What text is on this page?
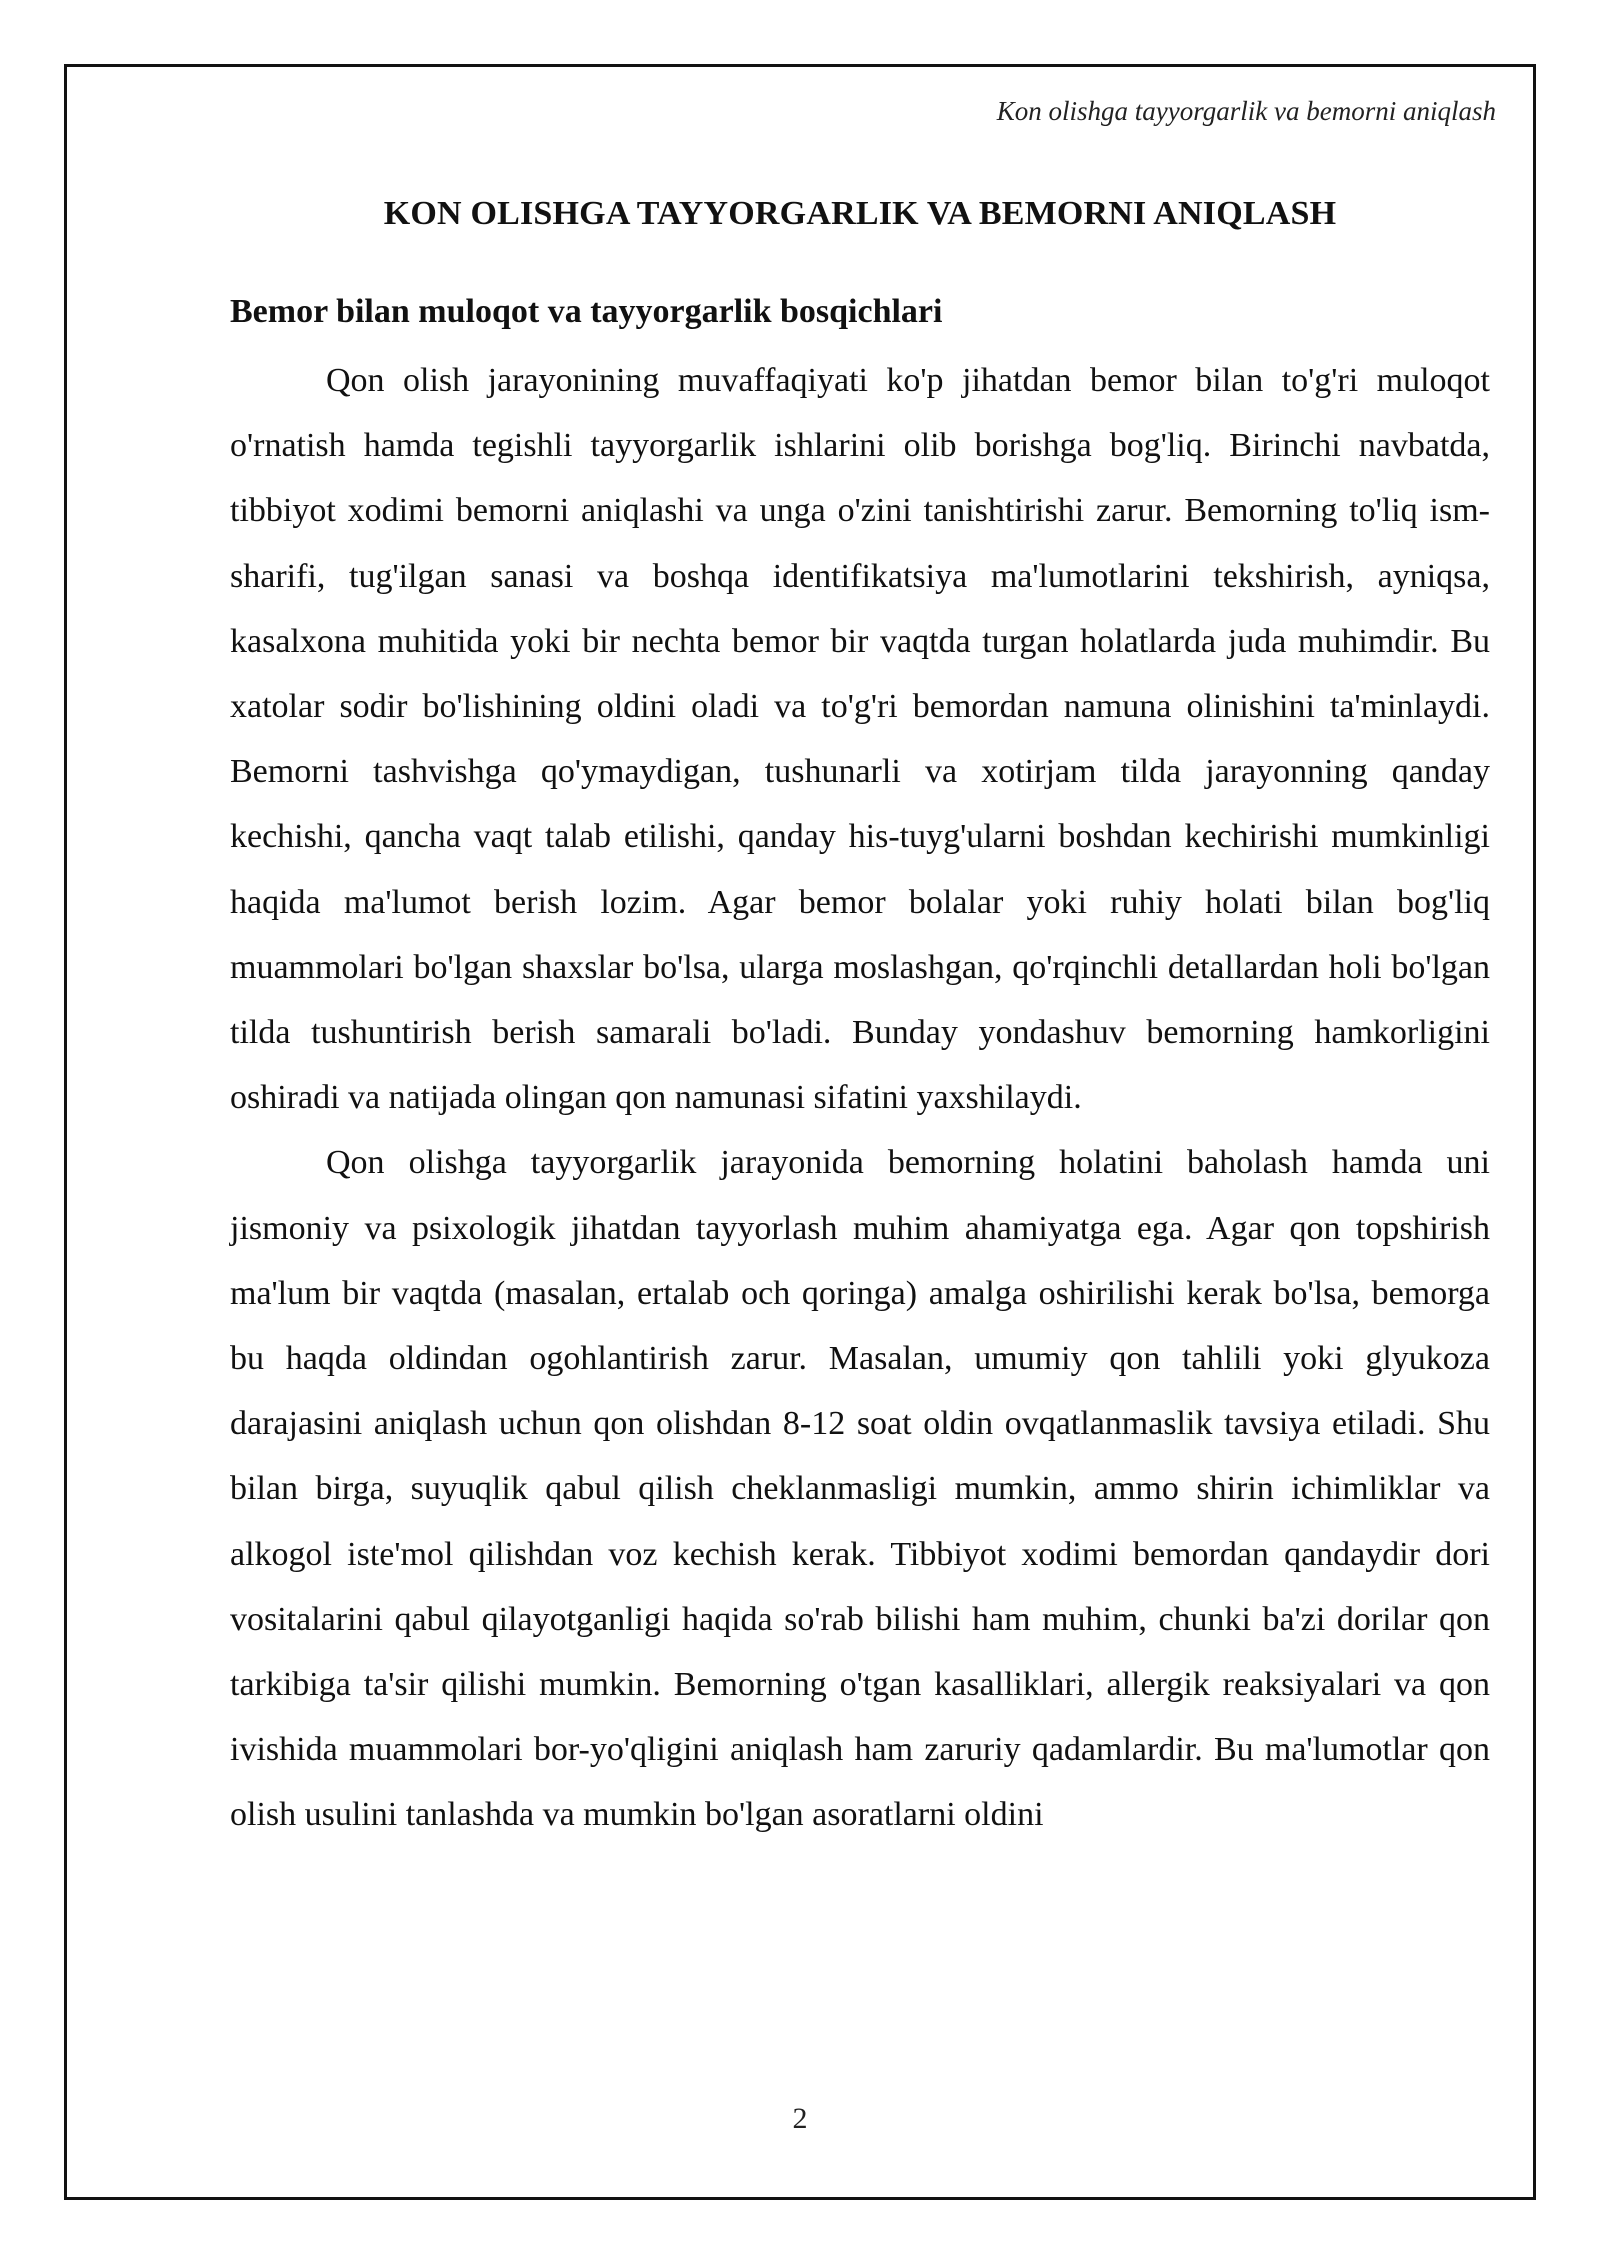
Kon olishga tayyorgarlik va bemorni aniqlash
KON OLISHGA TAYYORGARLIK VA BEMORNI ANIQLASH
Bemor bilan muloqot va tayyorgarlik bosqichlari

Qon olish jarayonining muvaffaqiyati ko'p jihatdan bemor bilan to'g'ri muloqot o'rnatish hamda tegishli tayyorgarlik ishlarini olib borishga bog'liq. Birinchi navbatda, tibbiyot xodimi bemorni aniqlashi va unga o'zini tanishtirishi zarur. Bemorning to'liq ism-sharifi, tug'ilgan sanasi va boshqa identifikatsiya ma'lumotlarini tekshirish, ayniqsa, kasalxona muhitida yoki bir nechta bemor bir vaqtda turgan holatlarda juda muhimdir. Bu xatolar sodir bo'lishining oldini oladi va to'g'ri bemordan namuna olinishini ta'minlaydi. Bemorni tashvishga qo'ymaydigan, tushunarli va xotirjam tilda jarayonning qanday kechishi, qancha vaqt talab etilishi, qanday his-tuyg'ularni boshdan kechirishi mumkinligi haqida ma'lumot berish lozim. Agar bemor bolalar yoki ruhiy holati bilan bog'liq muammolari bo'lgan shaxslar bo'lsa, ularga moslashgan, qo'rqinchli detallardan holi bo'lgan tilda tushuntirish berish samarali bo'ladi. Bunday yondashuv bemorning hamkorligini oshiradi va natijada olingan qon namunasi sifatini yaxshilaydi.

Qon olishga tayyorgarlik jarayonida bemorning holatini baholash hamda uni jismoniy va psixologik jihatdan tayyorlash muhim ahamiyatga ega. Agar qon topshirish ma'lum bir vaqtda (masalan, ertalab och qoringa) amalga oshirilishi kerak bo'lsa, bemorga bu haqda oldindan ogohlantirish zarur. Masalan, umumiy qon tahlili yoki glyukoza darajasini aniqlash uchun qon olishdan 8-12 soat oldin ovqatlanmaslik tavsiya etiladi. Shu bilan birga, suyuqlik qabul qilish cheklanmasligi mumkin, ammo shirin ichimliklar va alkogol iste'mol qilishdan voz kechish kerak. Tibbiyot xodimi bemordan qandaydir dori vositalarini qabul qilayotganligi haqida so'rab bilishi ham muhim, chunki ba'zi dorilar qon tarkibiga ta'sir qilishi mumkin. Bemorning o'tgan kasalliklari, allergik reaksiyalari va qon ivishida muammolari bor-yo'qligini aniqlash ham zaruriy qadamlardir. Bu ma'lumotlar qon olish usulini tanlashda va mumkin bo'lgan asoratlarni oldini

2
